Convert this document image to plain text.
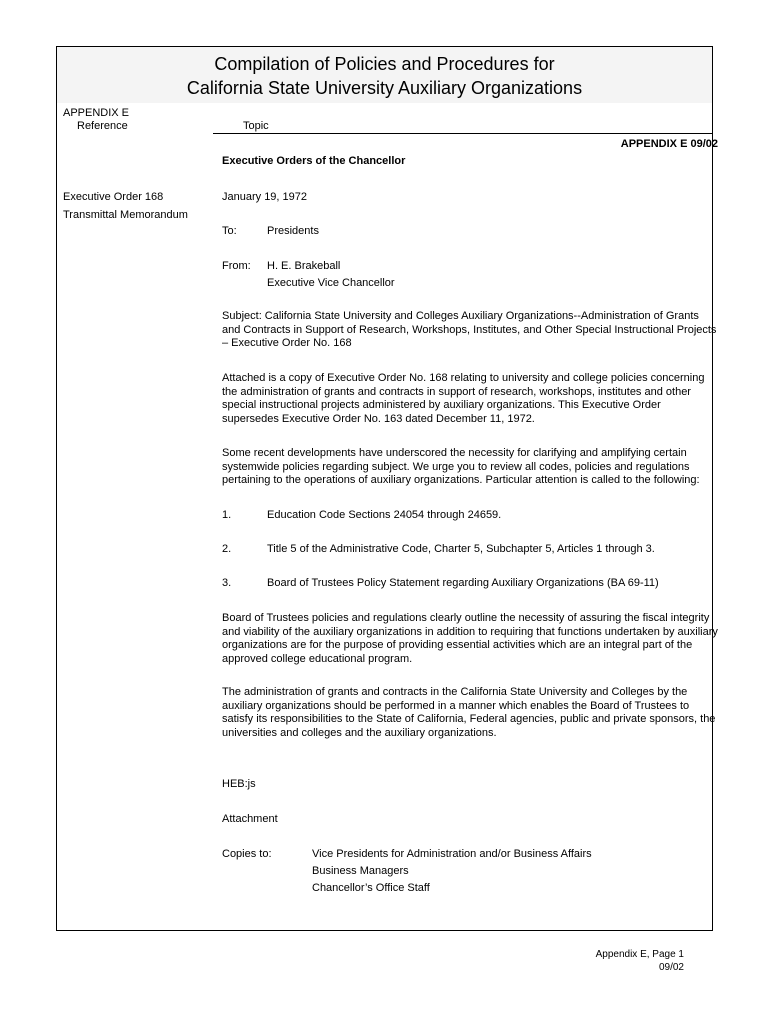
Compilation of Policies and Procedures for
California State University Auxiliary Organizations
APPENDIX E
Reference	Topic
APPENDIX E 09/02
Executive Orders of the Chancellor
Executive Order 168
Transmittal Memorandum
January 19, 1972
To:	Presidents
From: H. E. Brakeball
Executive Vice Chancellor
Subject: California State University and Colleges Auxiliary Organizations--Administration of Grants and Contracts in Support of Research, Workshops, Institutes, and Other Special Instructional Projects – Executive Order No. 168
Attached is a copy of Executive Order No. 168 relating to university and college policies concerning the administration of grants and contracts in support of research, workshops, institutes and other special instructional projects administered by auxiliary organizations. This Executive Order supersedes Executive Order No. 163 dated December 11, 1972.
Some recent developments have underscored the necessity for clarifying and amplifying certain systemwide policies regarding subject. We urge you to review all codes, policies and regulations pertaining to the operations of auxiliary organizations. Particular attention is called to the following:
1.	Education Code Sections 24054 through 24659.
2.	Title 5 of the Administrative Code, Charter 5, Subchapter 5, Articles 1 through 3.
3.	Board of Trustees Policy Statement regarding Auxiliary Organizations (BA 69-11)
Board of Trustees policies and regulations clearly outline the necessity of assuring the fiscal integrity and viability of the auxiliary organizations in addition to requiring that functions undertaken by auxiliary organizations are for the purpose of providing essential activities which are an integral part of the approved college educational program.
The administration of grants and contracts in the California State University and Colleges by the auxiliary organizations should be performed in a manner which enables the Board of Trustees to satisfy its responsibilities to the State of California, Federal agencies, public and private sponsors, the universities and colleges and the auxiliary organizations.
HEB:js
Attachment
Copies to:	Vice Presidents for Administration and/or Business Affairs
Business Managers
Chancellor’s Office Staff
Appendix E, Page 1
09/02
